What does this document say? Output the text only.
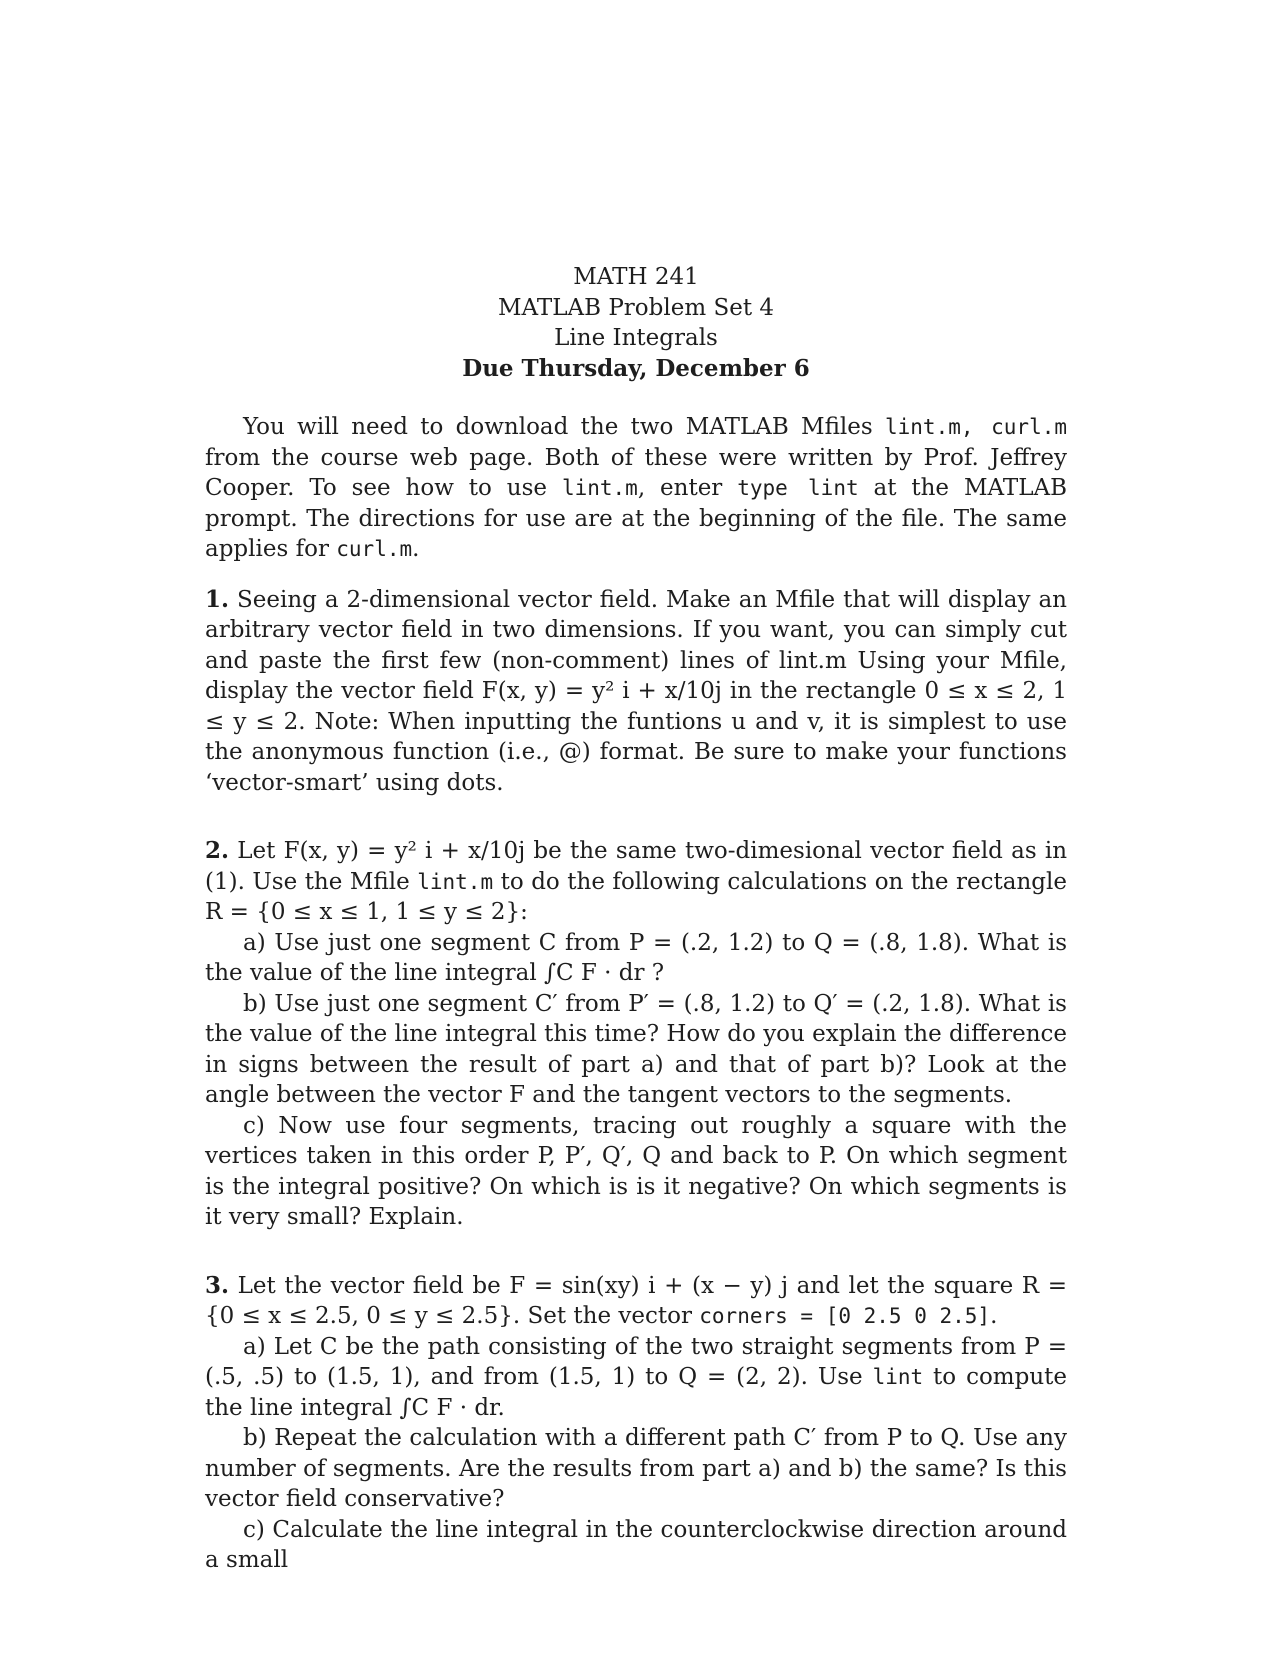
MATH 241
MATLAB Problem Set 4
Line Integrals
Due Thursday, December 6

You will need to download the two MATLAB Mfiles lint.m, curl.m from the course web page. Both of these were written by Prof. Jeffrey Cooper. To see how to use lint.m, enter type lint at the MATLAB prompt. The directions for use are at the beginning of the file. The same applies for curl.m.

1. Seeing a 2-dimensional vector field. Make an Mfile that will display an arbitrary vector field in two dimensions. If you want, you can simply cut and paste the first few (non-comment) lines of lint.m Using your Mfile, display the vector field F(x, y) = y² i + x/10j in the rectangle 0 ≤ x ≤ 2, 1 ≤ y ≤ 2. Note: When inputting the funtions u and v, it is simplest to use the anonymous function (i.e., @) format. Be sure to make your functions ‘vector-smart’ using dots.

2. Let F(x, y) = y² i + x/10j be the same two-dimesional vector field as in (1). Use the Mfile lint.m to do the following calculations on the rectangle R = {0 ≤ x ≤ 1, 1 ≤ y ≤ 2}:

a) Use just one segment C from P = (.2, 1.2) to Q = (.8, 1.8). What is the value of the line integral ∫C F · dr ?

b) Use just one segment C′ from P′ = (.8, 1.2) to Q′ = (.2, 1.8). What is the value of the line integral this time? How do you explain the difference in signs between the result of part a) and that of part b)? Look at the angle between the vector F and the tangent vectors to the segments.

c) Now use four segments, tracing out roughly a square with the vertices taken in this order P, P′, Q′, Q and back to P. On which segment is the integral positive? On which is is it negative? On which segments is it very small? Explain.

3. Let the vector field be F = sin(xy) i + (x − y) j and let the square R = {0 ≤ x ≤ 2.5, 0 ≤ y ≤ 2.5}. Set the vector corners = [0 2.5 0 2.5].

a) Let C be the path consisting of the two straight segments from P = (.5, .5) to (1.5, 1), and from (1.5, 1) to Q = (2, 2). Use lint to compute the line integral ∫C F · dr.

b) Repeat the calculation with a different path C′ from P to Q. Use any number of segments. Are the results from part a) and b) the same? Is this vector field conservative?

c) Calculate the line integral in the counterclockwise direction around a small
